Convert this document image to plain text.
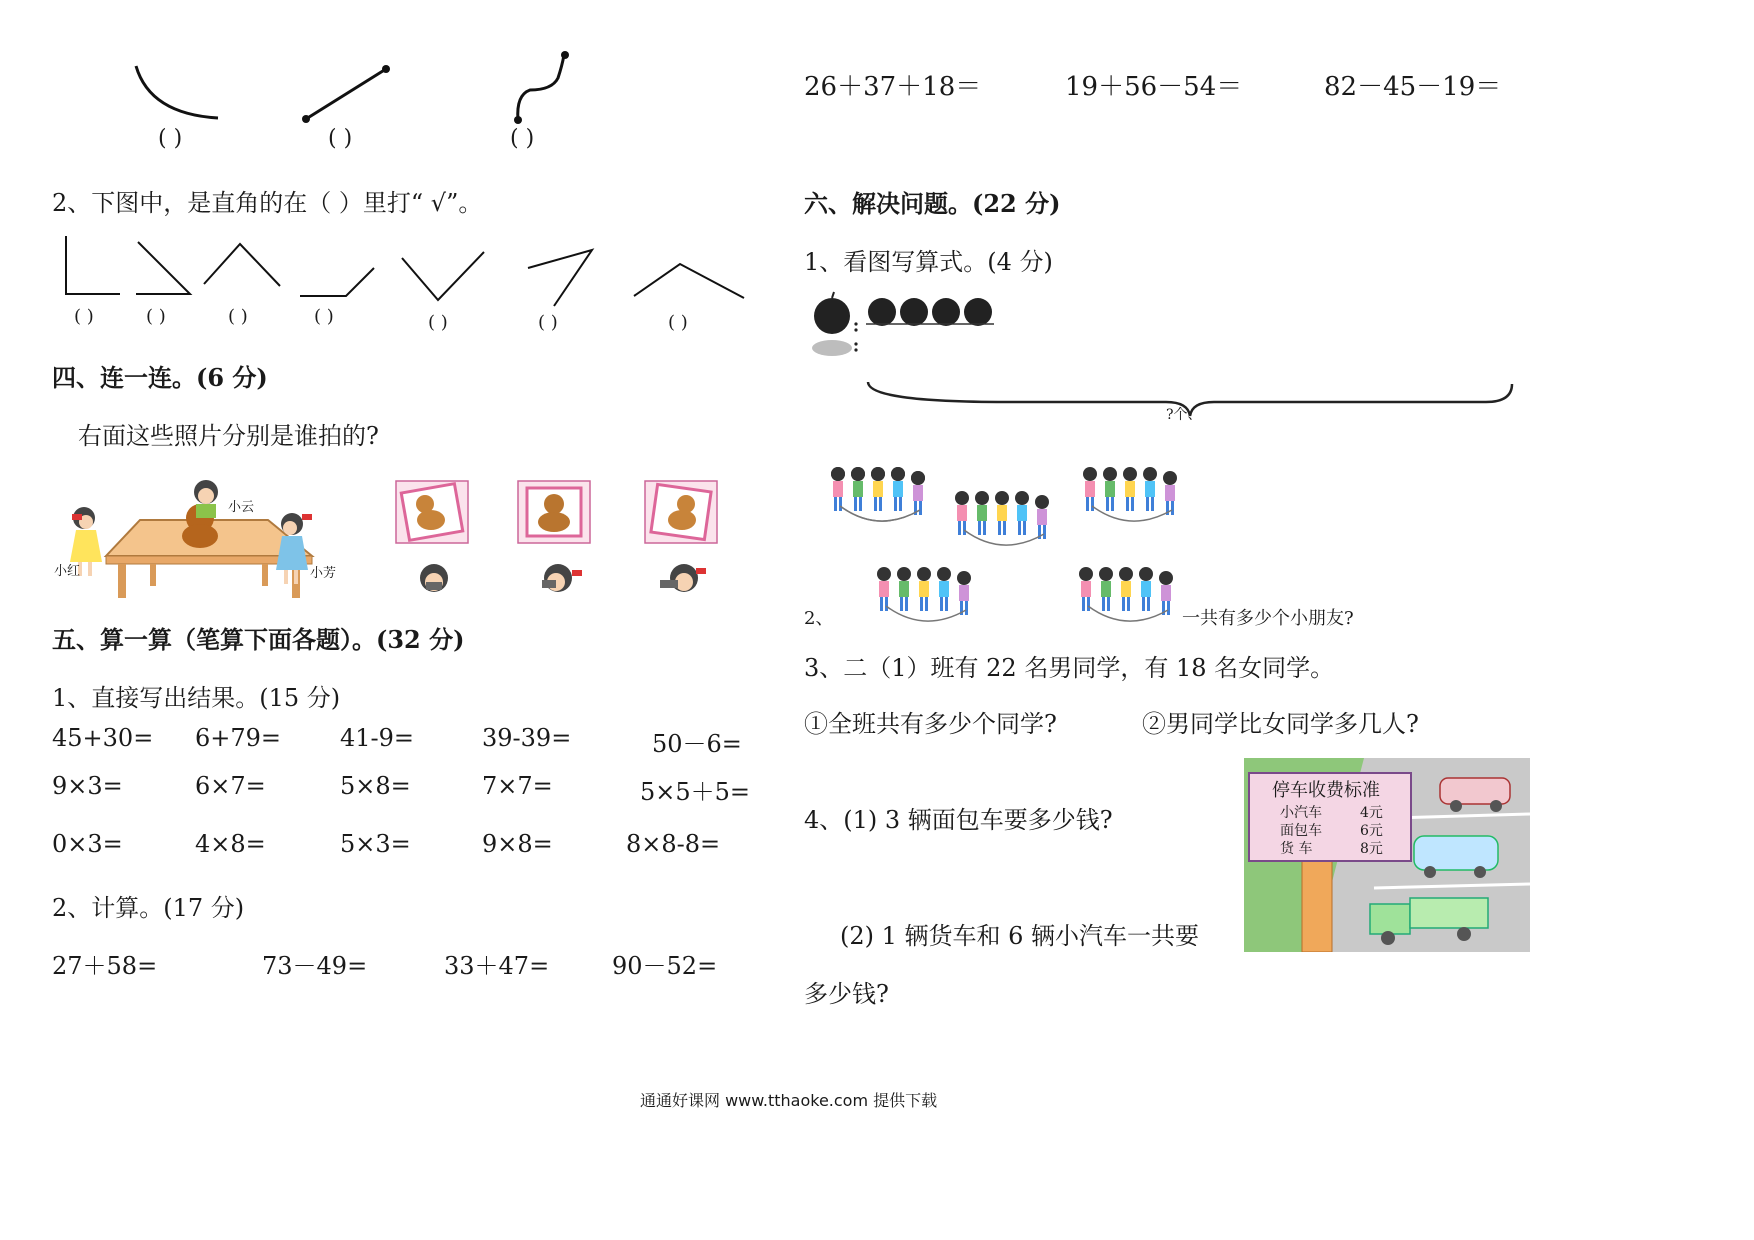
( )	( )	( )
2、下图中，是直角的在（ ）里打“ √”。
( )	( )	( )	( )	( )	( )	( )
四、连一连。(6 分)
右面这些照片分别是谁拍的?
小云
小红	小芳
五、算一算（笔算下面各题）。(32 分)
1、直接写出结果。(15 分)
45+30= 6+79= 41-9=	39-39=	50－6=
9×3=	6×7=	5×8=	7×7=	5×5＋5=
0×3=	4×8=	5×3=	9×8=	8×8-8=
2、计算。(17 分)
27＋58=	73－49=	33＋47=	90－52=
26＋37＋18＝	19＋56－54＝	82－45－19＝
六、解决问题。(22 分)
1、看图写算式。(4 分)
?个、
2、	一共有多少个小朋友?
3、二（1）班有 22 名男同学，有 18 名女同学。
①全班共有多少个同学?	②男同学比女同学多几人?
4、(1) 3 辆面包车要多少钱?
(2) 1 辆货车和 6 辆小汽车一共要
多少钱?
停车收费标准
小汽车	4元
面包车	6元
货 车	8元
通通好课网 www.tthaoke.com 提供下载
